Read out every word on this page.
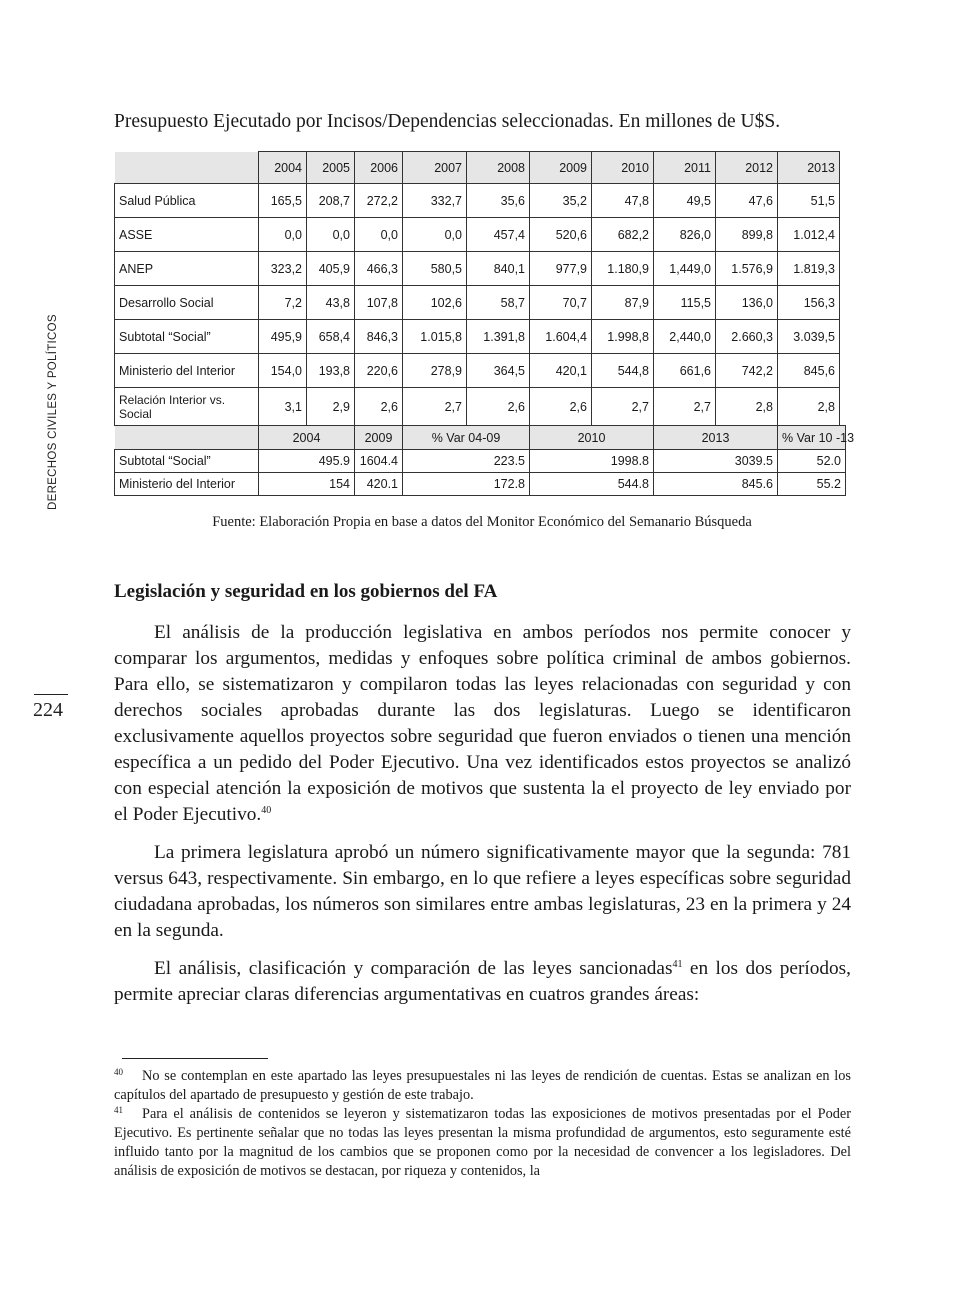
DERECHOS CIVILES Y POLÍTICOS
224
Presupuesto Ejecutado por Incisos/Dependencias seleccionadas. En millones de U$S.
	2004	2005	2006	2007	2008	2009	2010	2011	2012	2013
Salud Pública	165,5	208,7	272,2	332,7	35,6	35,2	47,8	49,5	47,6	51,5
ASSE	0,0	0,0	0,0	0,0	457,4	520,6	682,2	826,0	899,8	1.012,4
ANEP	323,2	405,9	466,3	580,5	840,1	977,9	1.180,9	1,449,0	1.576,9	1.819,3
Desarrollo Social	7,2	43,8	107,8	102,6	58,7	70,7	87,9	115,5	136,0	156,3
Subtotal “Social”	495,9	658,4	846,3	1.015,8	1.391,8	1.604,4	1.998,8	2,440,0	2.660,3	3.039,5
Ministerio del Interior	154,0	193,8	220,6	278,9	364,5	420,1	544,8	661,6	742,2	845,6
Relación Interior vs. Social	3,1	2,9	2,6	2,7	2,6	2,6	2,7	2,7	2,8	2,8
	2004		2009	% Var 04-09		2010		2013		% Var 10 -13
Subtotal “Social”	495.9		1604.4	223.5		1998.8		3039.5		52.0
Ministerio del Interior	154		420.1	172.8		544.8		845.6		55.2
Fuente: Elaboración Propia en base a datos del Monitor Económico del Semanario Búsqueda
Legislación y seguridad en los gobiernos del FA

El análisis de la producción legislativa en ambos períodos nos permite conocer y comparar los argumentos, medidas y enfoques sobre política criminal de ambos gobiernos. Para ello, se sistematizaron y compilaron todas las leyes relacionadas con seguridad y con derechos sociales aprobadas durante las dos legislaturas. Luego se identificaron exclusivamente aquellos proyectos sobre seguridad que fueron enviados o tienen una mención específica a un pedido del Poder Ejecutivo. Una vez identificados estos proyectos se analizó con especial atención la exposición de motivos que sustenta la el proyecto de ley enviado por el Poder Ejecutivo.$^{40}$

La primera legislatura aprobó un número significativamente mayor que la segunda: 781 versus 643, respectivamente. Sin embargo, en lo que refiere a leyes específicas sobre seguridad ciudadana aprobadas, los números son similares entre ambas legislaturas, 23 en la primera y 24 en la segunda.

El análisis, clasificación y comparación de las leyes sancionadas$^{41}$ en los dos períodos, permite apreciar claras diferencias argumentativas en cuatros grandes áreas:

40 No se contemplan en este apartado las leyes presupuestales ni las leyes de rendición de cuentas. Estas se analizan en los capítulos del apartado de presupuesto y gestión de este trabajo.

41 Para el análisis de contenidos se leyeron y sistematizaron todas las exposiciones de motivos presentadas por el Poder Ejecutivo. Es pertinente señalar que no todas las leyes presentan la misma profundidad de argumentos, esto seguramente esté influido tanto por la magnitud de los cambios que se proponen como por la necesidad de convencer a los legisladores. Del análisis de exposición de motivos se destacan, por riqueza y contenidos, la
